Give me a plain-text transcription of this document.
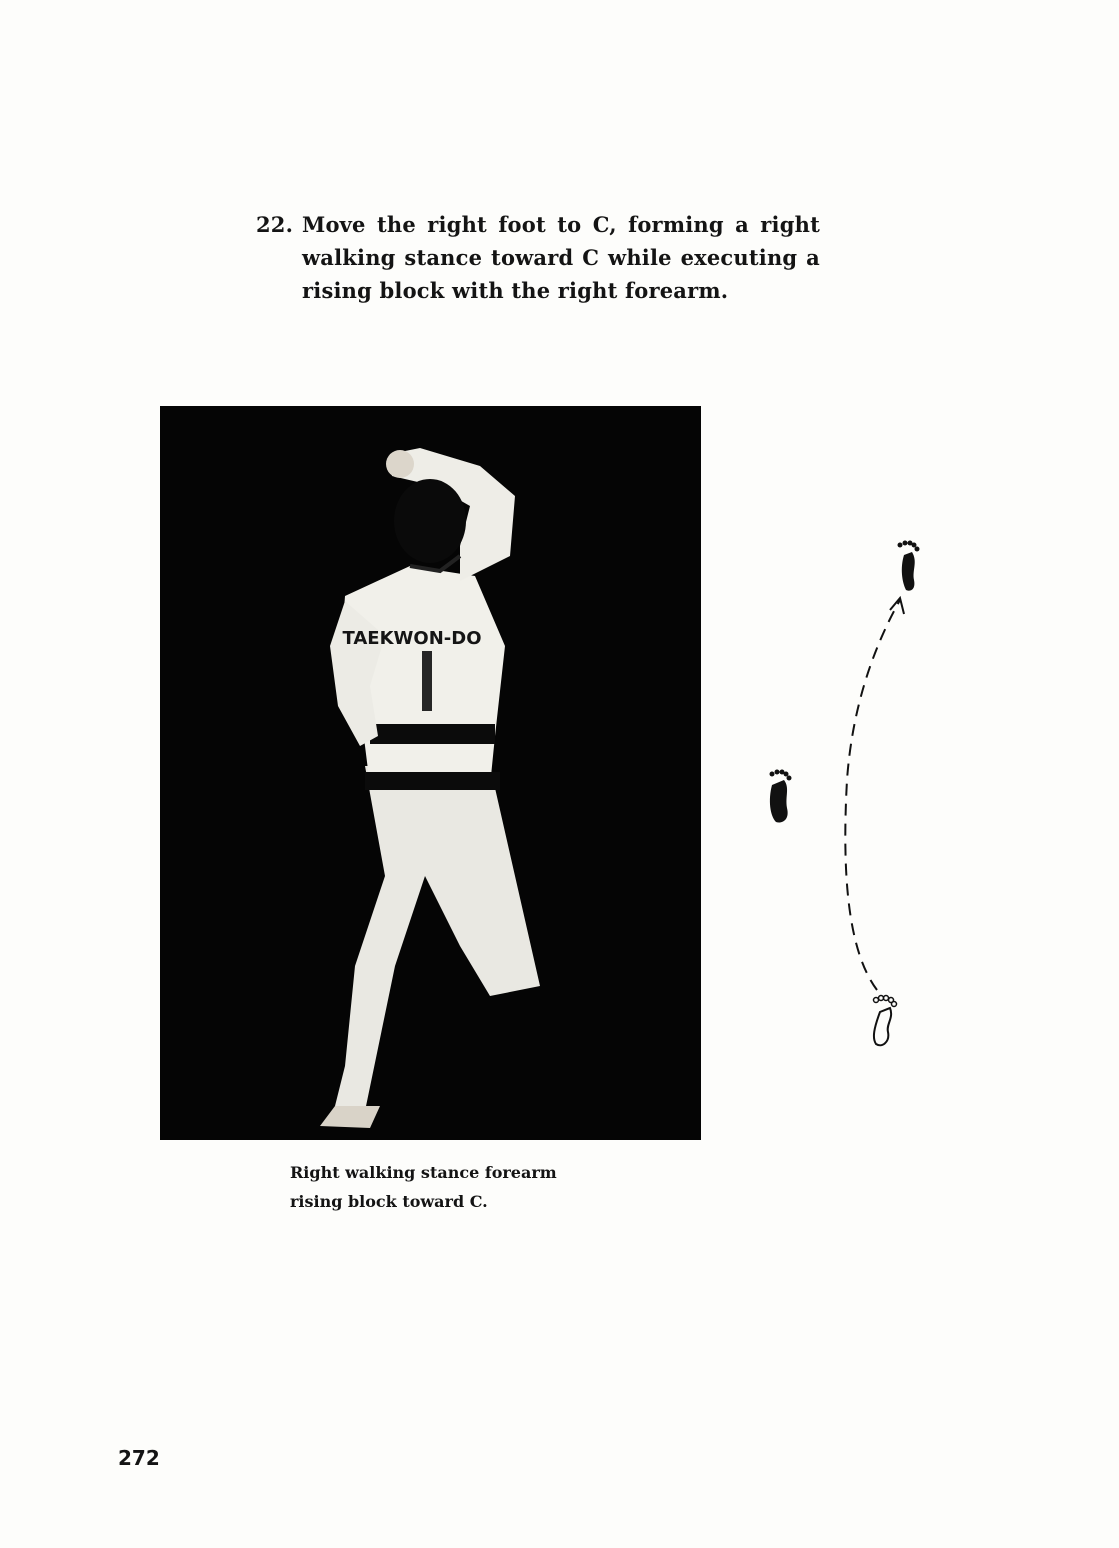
22. Move the right foot to C, forming a right walking stance toward C while executing a rising block with the right forearm.
TAEKWON-DO
Right walking stance forearm
rising block toward C.
272
